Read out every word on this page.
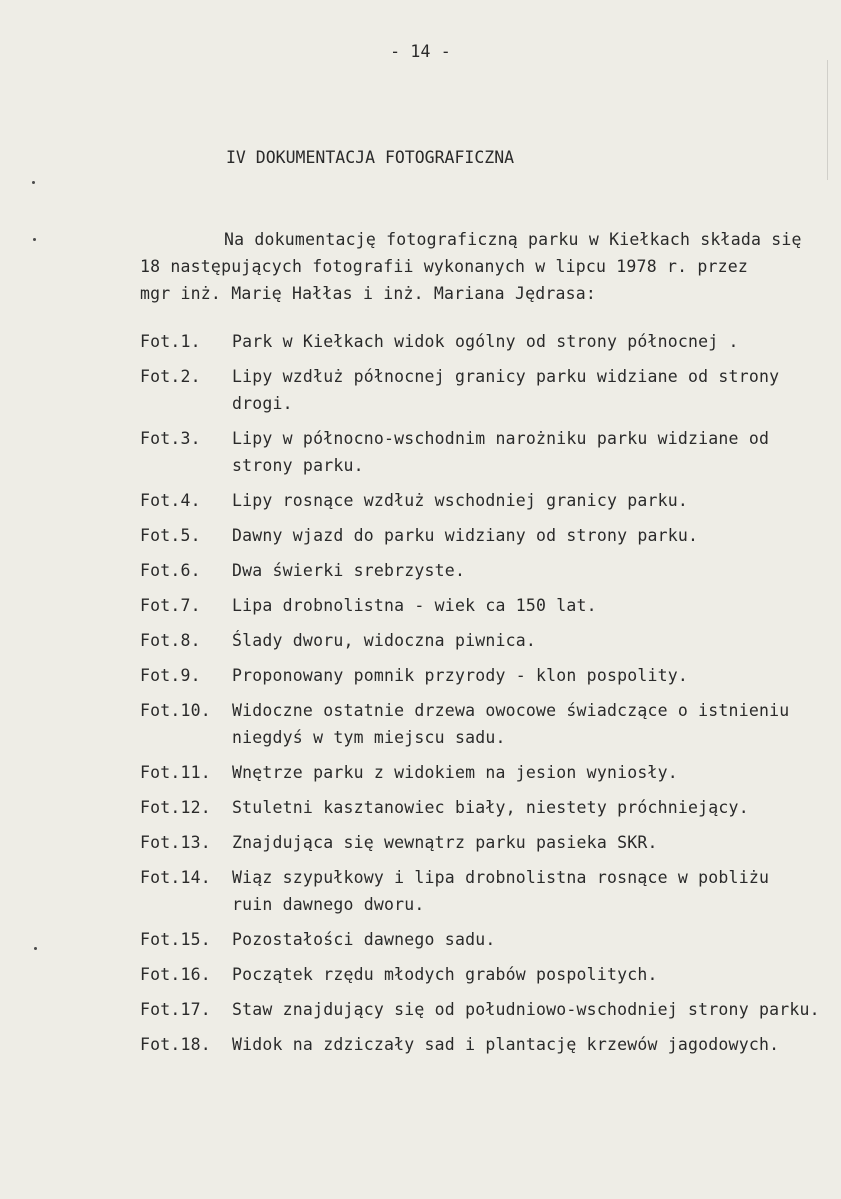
- 14 -
IV DOKUMENTACJA FOTOGRAFICZNA
Na dokumentację fotograficzną parku w Kiełkach składa się
18 następujących fotografii wykonanych w lipcu 1978 r. przez
mgr inż. Marię Hałłas i inż. Mariana Jędrasa:
Fot.1.	Park w Kiełkach widok ogólny od strony północnej .
Fot.2.	Lipy wzdłuż północnej granicy parku widziane od strony
drogi.
Fot.3.	Lipy w północno-wschodnim narożniku parku widziane od
strony parku.
Fot.4.	Lipy rosnące wzdłuż wschodniej granicy parku.
Fot.5.	Dawny wjazd do parku widziany od strony parku.
Fot.6.	Dwa świerki srebrzyste.
Fot.7.	Lipa drobnolistna - wiek ca 150 lat.
Fot.8.	Ślady dworu, widoczna piwnica.
Fot.9.	Proponowany pomnik przyrody - klon pospolity.
Fot.10.	Widoczne ostatnie drzewa owocowe świadczące o istnieniu
niegdyś w tym miejscu sadu.
Fot.11.	Wnętrze parku z widokiem na jesion wyniosły.
Fot.12.	Stuletni kasztanowiec biały, niestety próchniejący.
Fot.13.	Znajdująca się wewnątrz parku pasieka SKR.
Fot.14.	Wiąz szypułkowy i lipa drobnolistna rosnące w pobliżu
ruin dawnego dworu.
Fot.15.	Pozostałości dawnego sadu.
Fot.16.	Początek rzędu młodych grabów pospolitych.
Fot.17.	Staw znajdujący się od południowo-wschodniej strony parku.
Fot.18.	Widok na zdziczały sad i plantację krzewów jagodowych.
